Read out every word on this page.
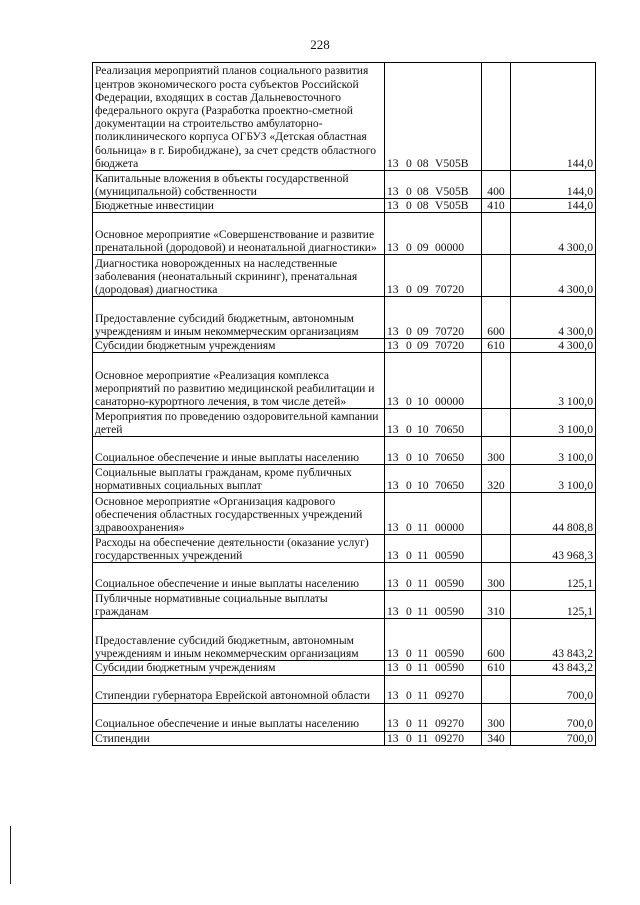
228
Реализация мероприятий планов социального развития центров экономического роста субъектов Российской Федерации, входящих в состав Дальневосточного федерального округа (Разработка проектно-сметной документации на строительство амбулаторно-поликлинического корпуса ОГБУЗ «Детская областная больница» в г. Биробиджане), за счет средств областного бюджета	13 0 08 V505B		144,0

Капитальные вложения в объекты государственной (муниципальной) собственности	13 0 08 V505B	400	144,0

Бюджетные инвестиции	13 0 08 V505B	410	144,0

Основное мероприятие «Совершенствование и развитие пренатальной (дородовой) и неонатальной диагностики»	13 0 09 00000		4 300,0

Диагностика новорожденных на наследственные заболевания (неонатальный скрининг), пренатальная (дородовая) диагностика	13 0 09 70720		4 300,0

Предоставление субсидий бюджетным, автономным учреждениям и иным некоммерческим организациям	13 0 09 70720	600	4 300,0

Субсидии бюджетным учреждениям	13 0 09 70720	610	4 300,0

Основное мероприятие «Реализация комплекса мероприятий по развитию медицинской реабилитации и санаторно-курортного лечения, в том числе детей»	13 0 10 00000		3 100,0

Мероприятия по проведению оздоровительной кампании детей	13 0 10 70650		3 100,0

Социальное обеспечение и иные выплаты населению	13 0 10 70650	300	3 100,0

Социальные выплаты гражданам, кроме публичных нормативных социальных выплат	13 0 10 70650	320	3 100,0

Основное мероприятие «Организация кадрового обеспечения областных государственных учреждений здравоохранения»	13 0 11 00000		44 808,8

Расходы на обеспечение деятельности (оказание услуг) государственных учреждений	13 0 11 00590		43 968,3

Социальное обеспечение и иные выплаты населению	13 0 11 00590	300	125,1

Публичные нормативные социальные выплаты гражданам	13 0 11 00590	310	125,1

Предоставление субсидий бюджетным, автономным учреждениям и иным некоммерческим организациям	13 0 11 00590	600	43 843,2

Субсидии бюджетным учреждениям	13 0 11 00590	610	43 843,2

Стипендии губернатора Еврейской автономной области	13 0 11 09270		700,0

Социальное обеспечение и иные выплаты населению	13 0 11 09270	300	700,0

Стипендии	13 0 11 09270	340	700,0
